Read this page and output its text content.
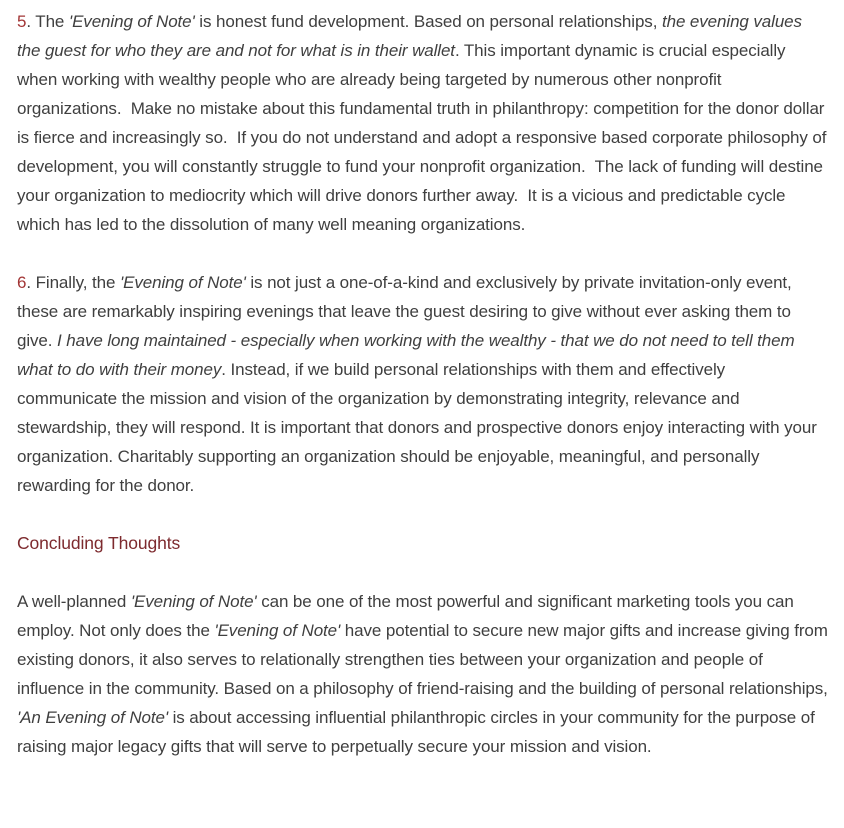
5. The 'Evening of Note' is honest fund development. Based on personal relationships, the evening values the guest for who they are and not for what is in their wallet. This important dynamic is crucial especially when working with wealthy people who are already being targeted by numerous other nonprofit organizations.  Make no mistake about this fundamental truth in philanthropy: competition for the donor dollar is fierce and increasingly so.  If you do not understand and adopt a responsive based corporate philosophy of development, you will constantly struggle to fund your nonprofit organization.  The lack of funding will destine your organization to mediocrity which will drive donors further away.  It is a vicious and predictable cycle which has led to the dissolution of many well meaning organizations.

6. Finally, the 'Evening of Note' is not just a one-of-a-kind and exclusively by private invitation-only event, these are remarkably inspiring evenings that leave the guest desiring to give without ever asking them to give. I have long maintained - especially when working with the wealthy - that we do not need to tell them what to do with their money. Instead, if we build personal relationships with them and effectively communicate the mission and vision of the organization by demonstrating integrity, relevance and stewardship, they will respond. It is important that donors and prospective donors enjoy interacting with your organization. Charitably supporting an organization should be enjoyable, meaningful, and personally rewarding for the donor.

Concluding Thoughts

A well-planned 'Evening of Note' can be one of the most powerful and significant marketing tools you can employ. Not only does the 'Evening of Note' have potential to secure new major gifts and increase giving from existing donors, it also serves to relationally strengthen ties between your organization and people of influence in the community. Based on a philosophy of friend-raising and the building of personal relationships, 'An Evening of Note' is about accessing influential philanthropic circles in your community for the purpose of raising major legacy gifts that will serve to perpetually secure your mission and vision.
